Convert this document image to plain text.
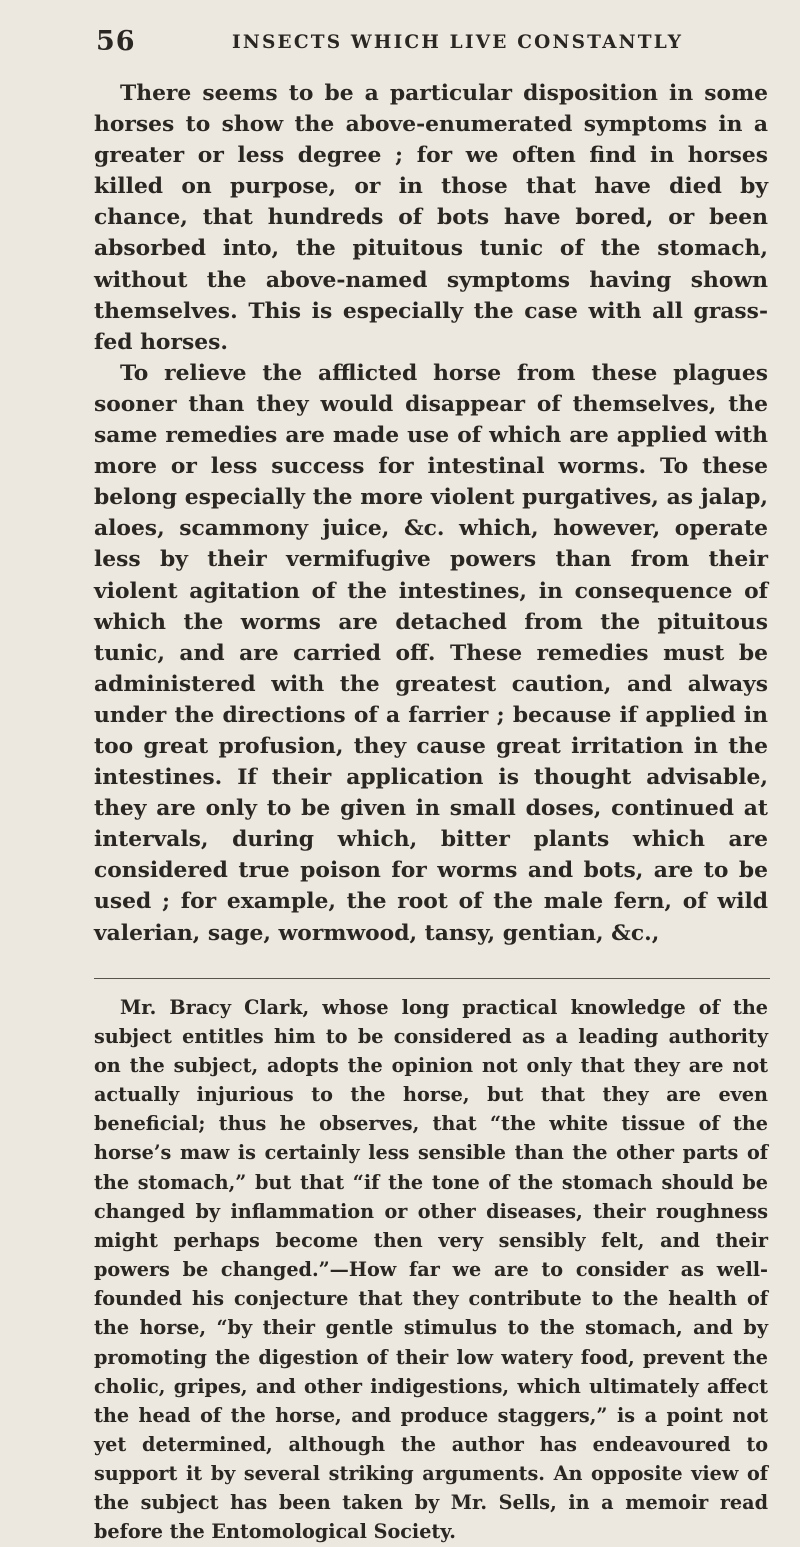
56	INSECTS WHICH LIVE CONSTANTLY

There seems to be a particular disposition in some horses to show the above-enumerated symptoms in a greater or less degree ; for we often find in horses killed on purpose, or in those that have died by chance, that hundreds of bots have bored, or been absorbed into, the pituitous tunic of the stomach, without the above-named symptoms having shown themselves. This is especially the case with all grass-fed horses.

To relieve the afflicted horse from these plagues sooner than they would disappear of themselves, the same remedies are made use of which are applied with more or less success for intestinal worms. To these belong especially the more violent purgatives, as jalap, aloes, scammony juice, &c. which, however, operate less by their vermifugive powers than from their violent agitation of the intestines, in consequence of which the worms are detached from the pituitous tunic, and are carried off. These remedies must be administered with the greatest caution, and always under the directions of a farrier ; because if applied in too great profusion, they cause great irritation in the intestines. If their application is thought advisable, they are only to be given in small doses, continued at intervals, during which, bitter plants which are considered true poison for worms and bots, are to be used ; for example, the root of the male fern, of wild valerian, sage, wormwood, tansy, gentian, &c.,

Mr. Bracy Clark, whose long practical knowledge of the subject entitles him to be considered as a leading authority on the subject, adopts the opinion not only that they are not actually injurious to the horse, but that they are even beneficial; thus he observes, that “the white tissue of the horse’s maw is certainly less sensible than the other parts of the stomach,” but that “if the tone of the stomach should be changed by inflammation or other diseases, their roughness might perhaps become then very sensibly felt, and their powers be changed.”—How far we are to consider as well-founded his conjecture that they contribute to the health of the horse, “by their gentle stimulus to the stomach, and by promoting the digestion of their low watery food, prevent the cholic, gripes, and other indigestions, which ultimately affect the head of the horse, and produce staggers,” is a point not yet determined, although the author has endeavoured to support it by several striking arguments. An opposite view of the subject has been taken by Mr. Sells, in a memoir read before the Entomological Society.
